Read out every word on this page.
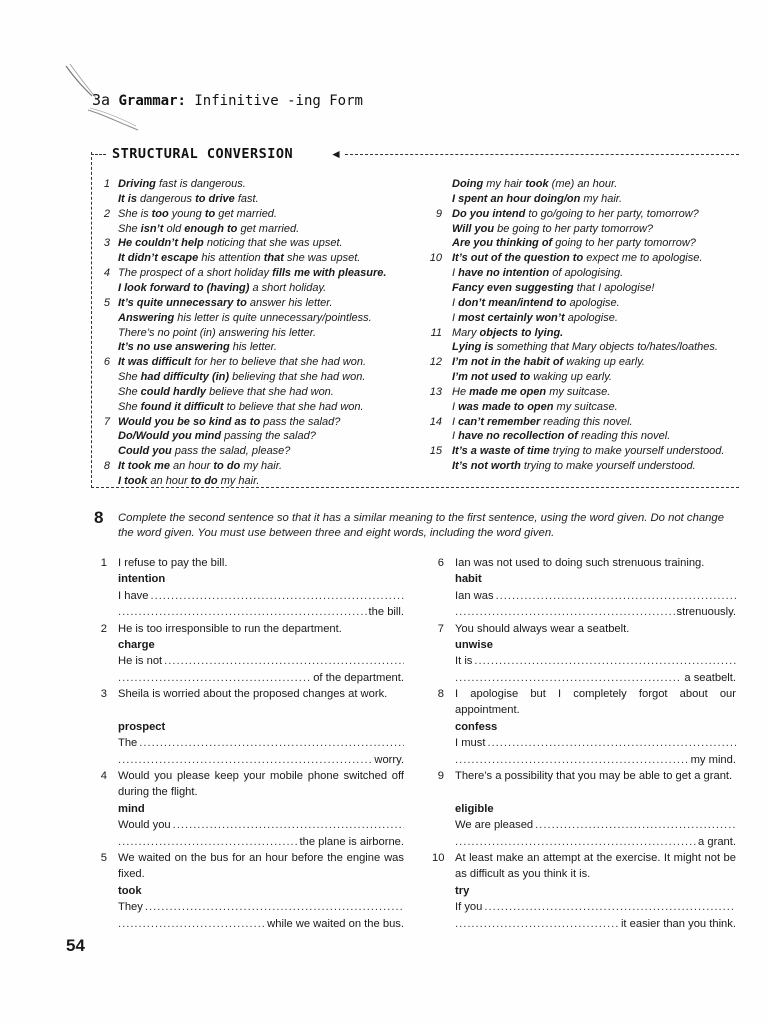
3a Grammar: Infinitive -ing Form
STRUCTURAL CONVERSION	◄
1 Driving fast is dangerous.
It is dangerous to drive fast.
2 She is too young to get married.
She isn’t old enough to get married.
3 He couldn’t help noticing that she was upset.
It didn’t escape his attention that she was upset.
4 The prospect of a short holiday fills me with pleasure.
I look forward to (having) a short holiday.
5 It’s quite unnecessary to answer his letter.
Answering his letter is quite unnecessary/pointless.
There’s no point (in) answering his letter.
It’s no use answering his letter.
6 It was difficult for her to believe that she had won.
She had difficulty (in) believing that she had won.
She could hardly believe that she had won.
She found it difficult to believe that she had won.
7 Would you be so kind as to pass the salad?
Do/Would you mind passing the salad?
Could you pass the salad, please?
8 It took me an hour to do my hair.
I took an hour to do my hair.
Doing my hair took (me) an hour.
I spent an hour doing/on my hair.
9 Do you intend to go/going to her party, tomorrow?
Will you be going to her party tomorrow?
Are you thinking of going to her party tomorrow?
10 It’s out of the question to expect me to apologise.
I have no intention of apologising.
Fancy even suggesting that I apologise!
I don’t mean/intend to apologise.
I most certainly won’t apologise.
11 Mary objects to lying.
Lying is something that Mary objects to/hates/loathes.
12 I’m not in the habit of waking up early.
I’m not used to waking up early.
13 He made me open my suitcase.
I was made to open my suitcase.
14 I can’t remember reading this novel.
I have no recollection of reading this novel.
15 It’s a waste of time trying to make yourself understood.
It’s not worth trying to make yourself understood.
8 Complete the second sentence so that it has a similar meaning to the first sentence, using the word given. Do not change the word given. You must use between three and eight words, including the word given.
1 I refuse to pay the bill.
intention
I have
.....
.....
the bill.
2 He is too irresponsible to run the department.
charge
He is not
.....
.....
of the department.
3 Sheila is worried about the proposed changes at work.
prospect
The
.....
.....
worry.
4 Would you please keep your mobile phone switched off during the flight.
mind
Would you
.....
.....
the plane is airborne.
5 We waited on the bus for an hour before the engine was fixed.
took
They
.....
.....
while we waited on the bus.
6 Ian was not used to doing such strenuous training.
habit
Ian was
.....
.....
strenuously.
7 You should always wear a seatbelt.
unwise
It is
.....
.....
a seatbelt.
8 I apologise but I completely forgot about our appointment.
confess
I must
.....
.....
my mind.
9 There’s a possibility that you may be able to get a grant.
eligible
We are pleased
.....
.....
a grant.
10 At least make an attempt at the exercise. It might not be as difficult as you think it is.
try
If you
.....
.....
it easier than you think.
54
